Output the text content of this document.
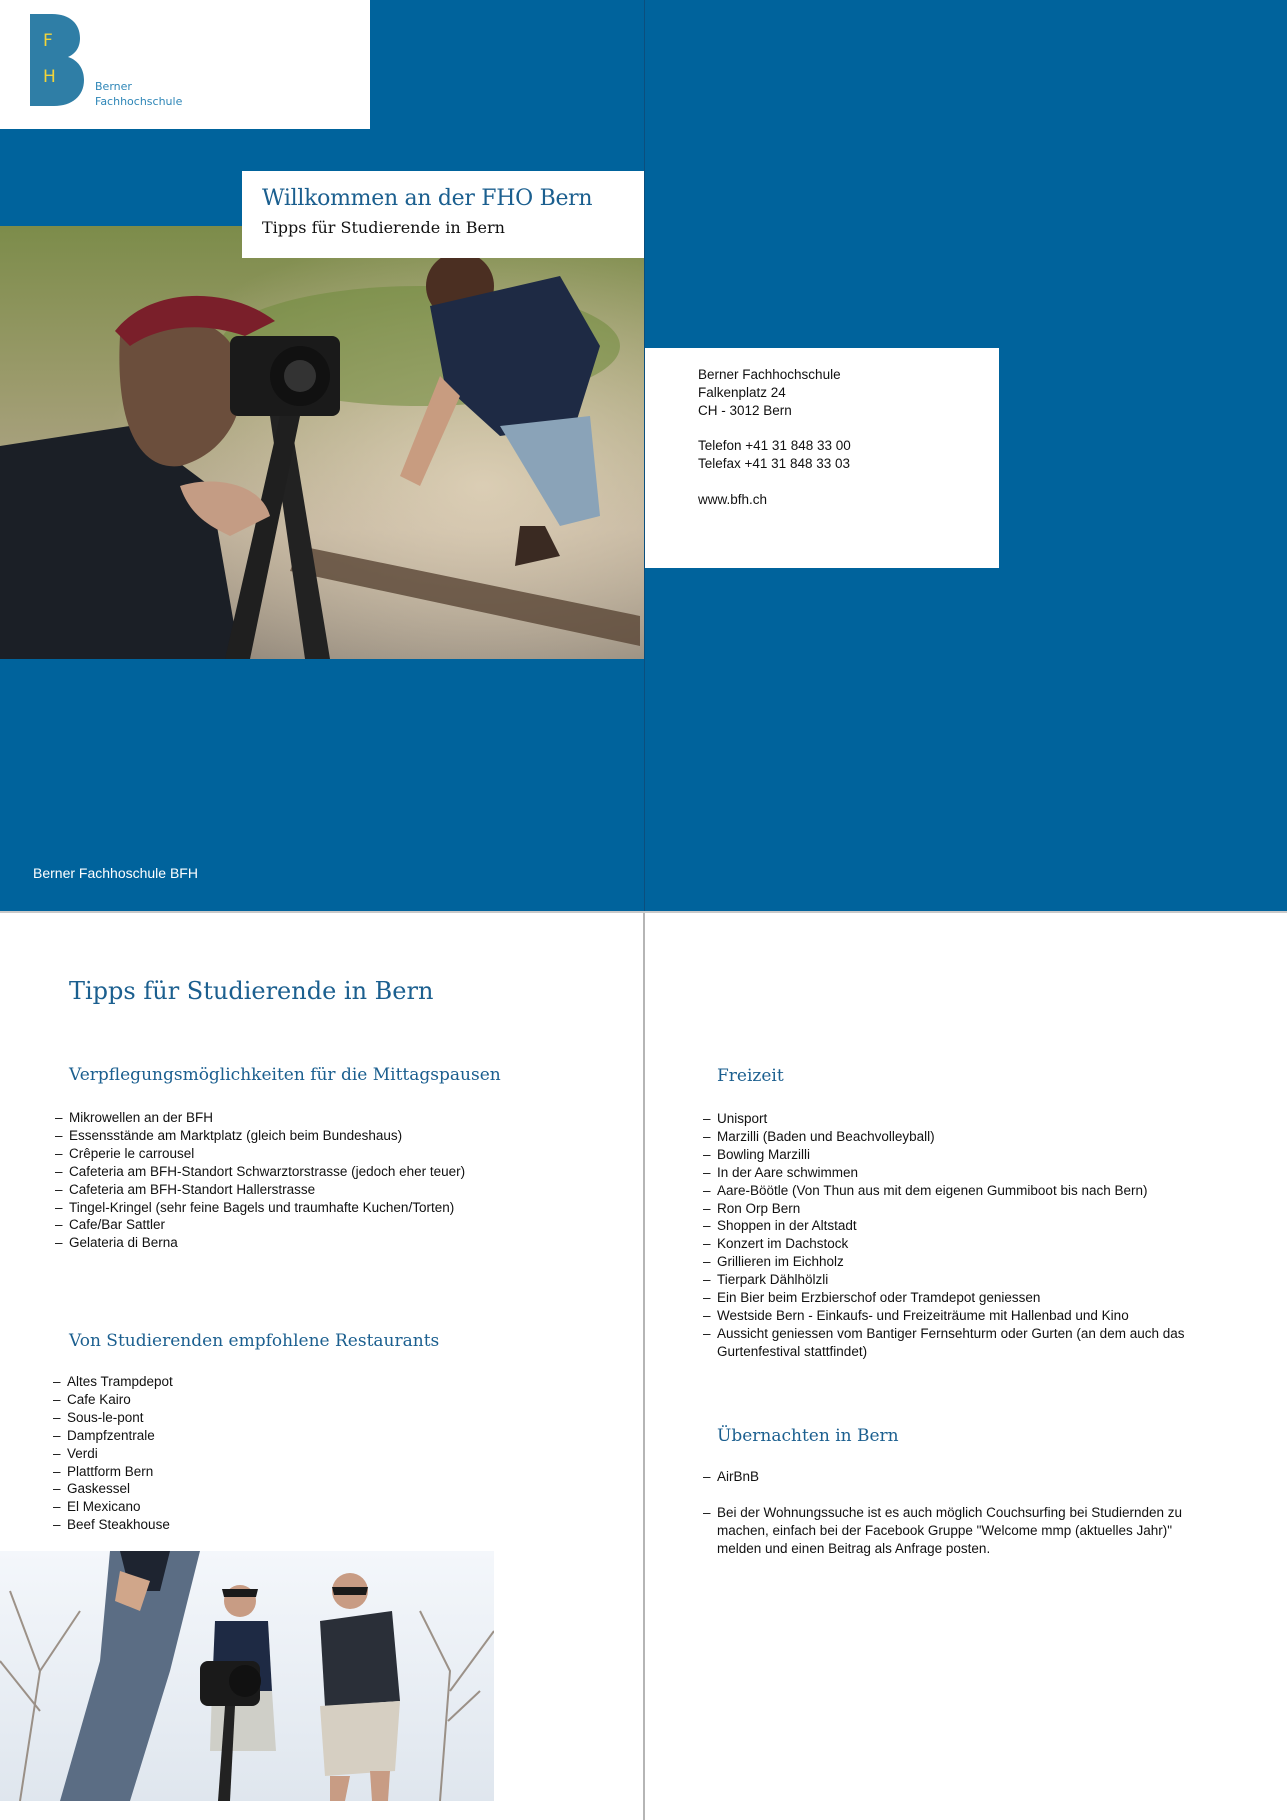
F
H	Berner
Fachhochschule
Willkommen an der FHO Bern
Tipps für Studierende in Bern
Berner Fachhoschule BFH
Berner Fachhochschule
Falkenplatz 24
CH - 3012 Bern
Telefon +41 31 848 33 00
Telefax +41 31 848 33 03
www.bfh.ch
Tipps für Studierende in Bern
Verpflegungsmöglichkeiten für die Mittagspausen
– Mikrowellen an der BFH
– Essensstände am Marktplatz (gleich beim Bundeshaus)
– Crêperie le carrousel
– Cafeteria am BFH-Standort Schwarztorstrasse (jedoch eher teuer)
– Cafeteria am BFH-Standort Hallerstrasse
– Tingel-Kringel (sehr feine Bagels und traumhafte Kuchen/Torten)
– Cafe/Bar Sattler
– Gelateria di Berna
Von Studierenden empfohlene Restaurants
– Altes Trampdepot
– Cafe Kairo
– Sous-le-pont
– Dampfzentrale
– Verdi
– Plattform Bern
– Gaskessel
– El Mexicano
– Beef Steakhouse
Freizeit
– Unisport
– Marzilli (Baden und Beachvolleyball)
– Bowling Marzilli
– In der Aare schwimmen
– Aare-Böötle (Von Thun aus mit dem eigenen Gummiboot bis nach Bern)
– Ron Orp Bern
– Shoppen in der Altstadt
– Konzert im Dachstock
– Grillieren im Eichholz
– Tierpark Dählhölzli
– Ein Bier beim Erzbierschof oder Tramdepot geniessen
– Westside Bern - Einkaufs- und Freizeiträume mit Hallenbad und Kino
– Aussicht geniessen vom Bantiger Fernsehturm oder Gurten (an dem auch das Gurtenfestival stattfindet)
Übernachten in Bern
– AirBnB
– Bei der Wohnungssuche ist es auch möglich Couchsurfing bei Studiernden zu machen, einfach bei der Facebook Gruppe "Welcome mmp (aktuelles Jahr)" melden und einen Beitrag als Anfrage posten.
